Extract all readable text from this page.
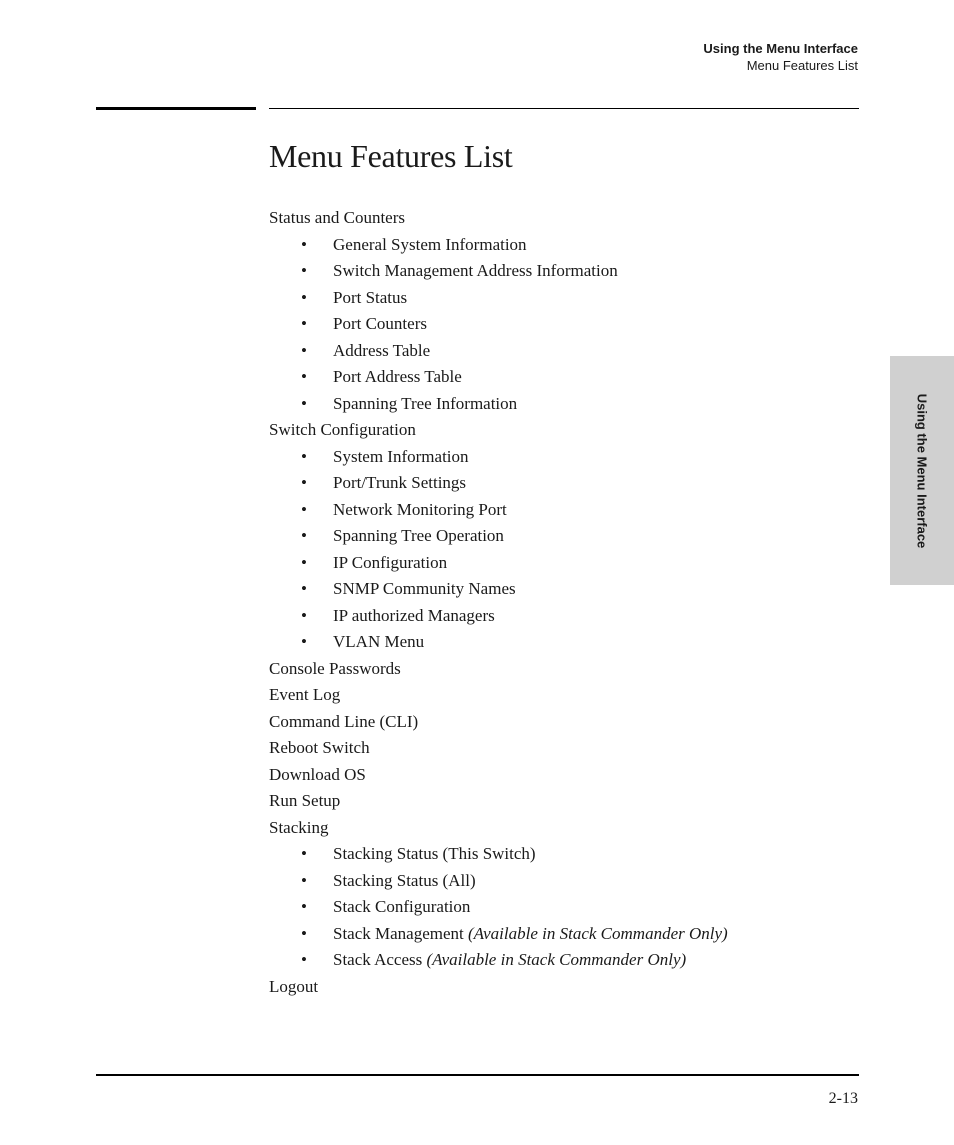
Using the Menu Interface
Menu Features List
Menu Features List
Status and Counters
• General System Information
• Switch Management Address Information
• Port Status
• Port Counters
• Address Table
• Port Address Table
• Spanning Tree Information
Switch Configuration
• System Information
• Port/Trunk Settings
• Network Monitoring Port
• Spanning Tree Operation
• IP Configuration
• SNMP Community Names
• IP authorized Managers
• VLAN Menu
Console Passwords
Event Log
Command Line (CLI)
Reboot Switch
Download OS
Run Setup
Stacking
• Stacking Status (This Switch)
• Stacking Status (All)
• Stack Configuration
• Stack Management (Available in Stack Commander Only)
• Stack Access (Available in Stack Commander Only)
Logout
Using the Menu Interface
2-13
